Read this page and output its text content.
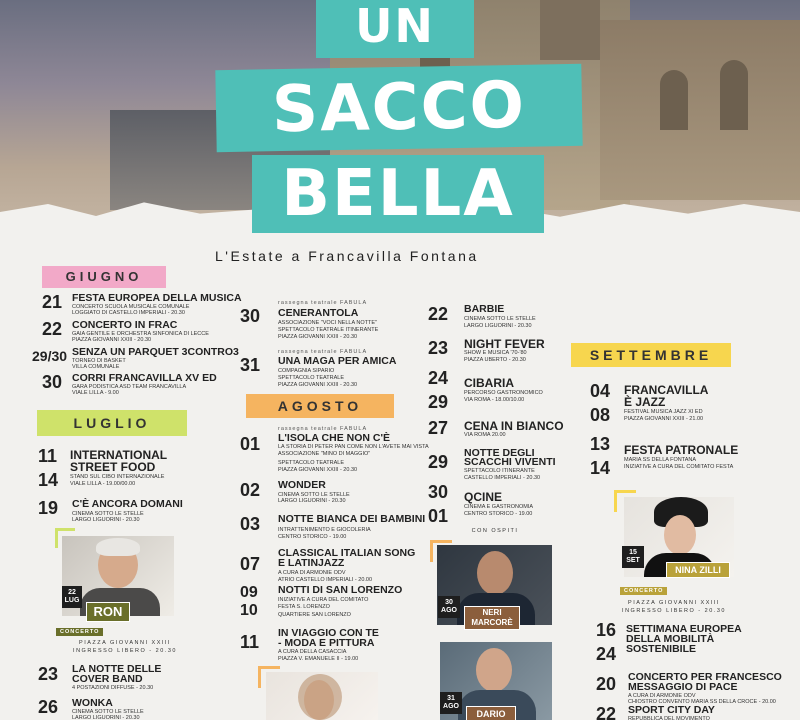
UN
SACCO
BELLA
L'Estate a Francavilla Fontana
GIUGNO
LUGLIO
AGOSTO
SETTEMBRE
21 FESTA EUROPEA DELLA MUSICA
CONCERTO SCUOLA MUSICALE COMUNALE
LOGGIATO DI CASTELLO IMPERIALI - 20.30
22 CONCERTO IN FRAC
GAIA GENTILE E ORCHESTRA SINFONICA DI LECCE
PIAZZA GIOVANNI XXIII - 20.30
29/30 SENZA UN PARQUET 3CONTRO3
TORNEO DI BASKET
VILLA COMUNALE
30 CORRI FRANCAVILLA XV ED
GARA PODISTICA ASD TEAM FRANCAVILLA
VIALE LILLA - 9.00
11
14
INTERNATIONAL
STREET FOOD
STAND SUL CIBO INTERNAZIONALE
VIALE LILLA - 19.00/00.00
19 C'È ANCORA DOMANI
CINEMA SOTTO LE STELLE
LARGO LIGUORINI - 20.30
22
LUG
RON
CONCERTO
PIAZZA GIOVANNI XXIII
INGRESSO LIBERO - 20.30
23 LA NOTTE DELLE
COVER BAND
4 POSTAZIONI DIFFUSE - 20.30
26 WONKA
CINEMA SOTTO LE STELLE
LARGO LIGUORINI - 20.30
rassegna teatrale FABULA
30 CENERANTOLA
ASSOCIAZIONE "VOCI NELLA NOTTE"
SPETTACOLO TEATRALE ITINERANTE
PIAZZA GIOVANNI XXIII - 20.30
rassegna teatrale FABULA
31 UNA MAGA PER AMICA
COMPAGNIA SIPARIO
SPETTACOLO TEATRALE
PIAZZA GIOVANNI XXIII - 20.30
rassegna teatrale FABULA
01 L'ISOLA CHE NON C'È
LA STORIA DI PETER PAN COME NON L'AVETE MAI VISTA
ASSOCIAZIONE "MINO DI MAGGIO"
SPETTACOLO TEATRALE
PIAZZA GIOVANNI XXIII - 20.30
02 WONDER
CINEMA SOTTO LE STELLE
LARGO LIGUORINI - 20.30
03 NOTTE BIANCA DEI BAMBINI
INTRATTENIMENTO E GIOCOLERIA
CENTRO STORICO - 19.00
07
CLASSICAL ITALIAN SONG
E LATINJAZZ
A CURA DI ARMONIE ODV
ATRIO CASTELLO IMPERIALI - 20.00
09
10
NOTTI DI SAN LORENZO
INIZIATIVE A CURA DEL COMITATO
FESTA S. LORENZO
QUARTIERE SAN LORENZO
11 IN VIAGGIO CON TE
- MODA E PITTURA
A CURA DELLA CASACCIA
PIAZZA V. EMANUELE II - 19.00
22 BARBIE
CINEMA SOTTO LE STELLE
LARGO LIGUORINI - 20.30
23 NIGHT FEVER
SHOW E MUSICA '70-'80
PIAZZA UBERTO - 20.30
24
29
CIBARIA
PERCORSO GASTRONOMICO
VIA ROMA - 18.00/10.00
27 CENA IN BIANCO
VIA ROMA 20.00
29 NOTTE DEGLI
SCACCHI VIVENTI
SPETTACOLO ITINERANTE
CASTELLO IMPERIALI - 20.30
30
01
QCINE
CINEMA E GASTRONOMIA
CENTRO STORICO - 19.00
CON OSPITI
30
AGO	NERI
MARCORÈ
31
AGO
DARIO
04
08
FRANCAVILLA
È JAZZ
FESTIVAL MUSICA JAZZ XI ED
PIAZZA GIOVANNI XXIII - 21.00
13
14
FESTA PATRONALE
MARIA SS DELLA FONTANA
INIZIATIVE A CURA DEL COMITATO FESTA
15
SET
NINA ZILLI
CONCERTO
PIAZZA GIOVANNI XXIII
INGRESSO LIBERO - 20.30
16
24
SETTIMANA EUROPEA
DELLA MOBILITÀ
SOSTENIBILE
20 CONCERTO PER FRANCESCO
MESSAGGIO DI PACE
A CURA DI ARMONIE ODV
CHIOSTRO CONVENTO MARIA SS DELLA CROCE - 20.00
22 SPORT CITY DAY
REPUBBLICA DEL MOVIMENTO
